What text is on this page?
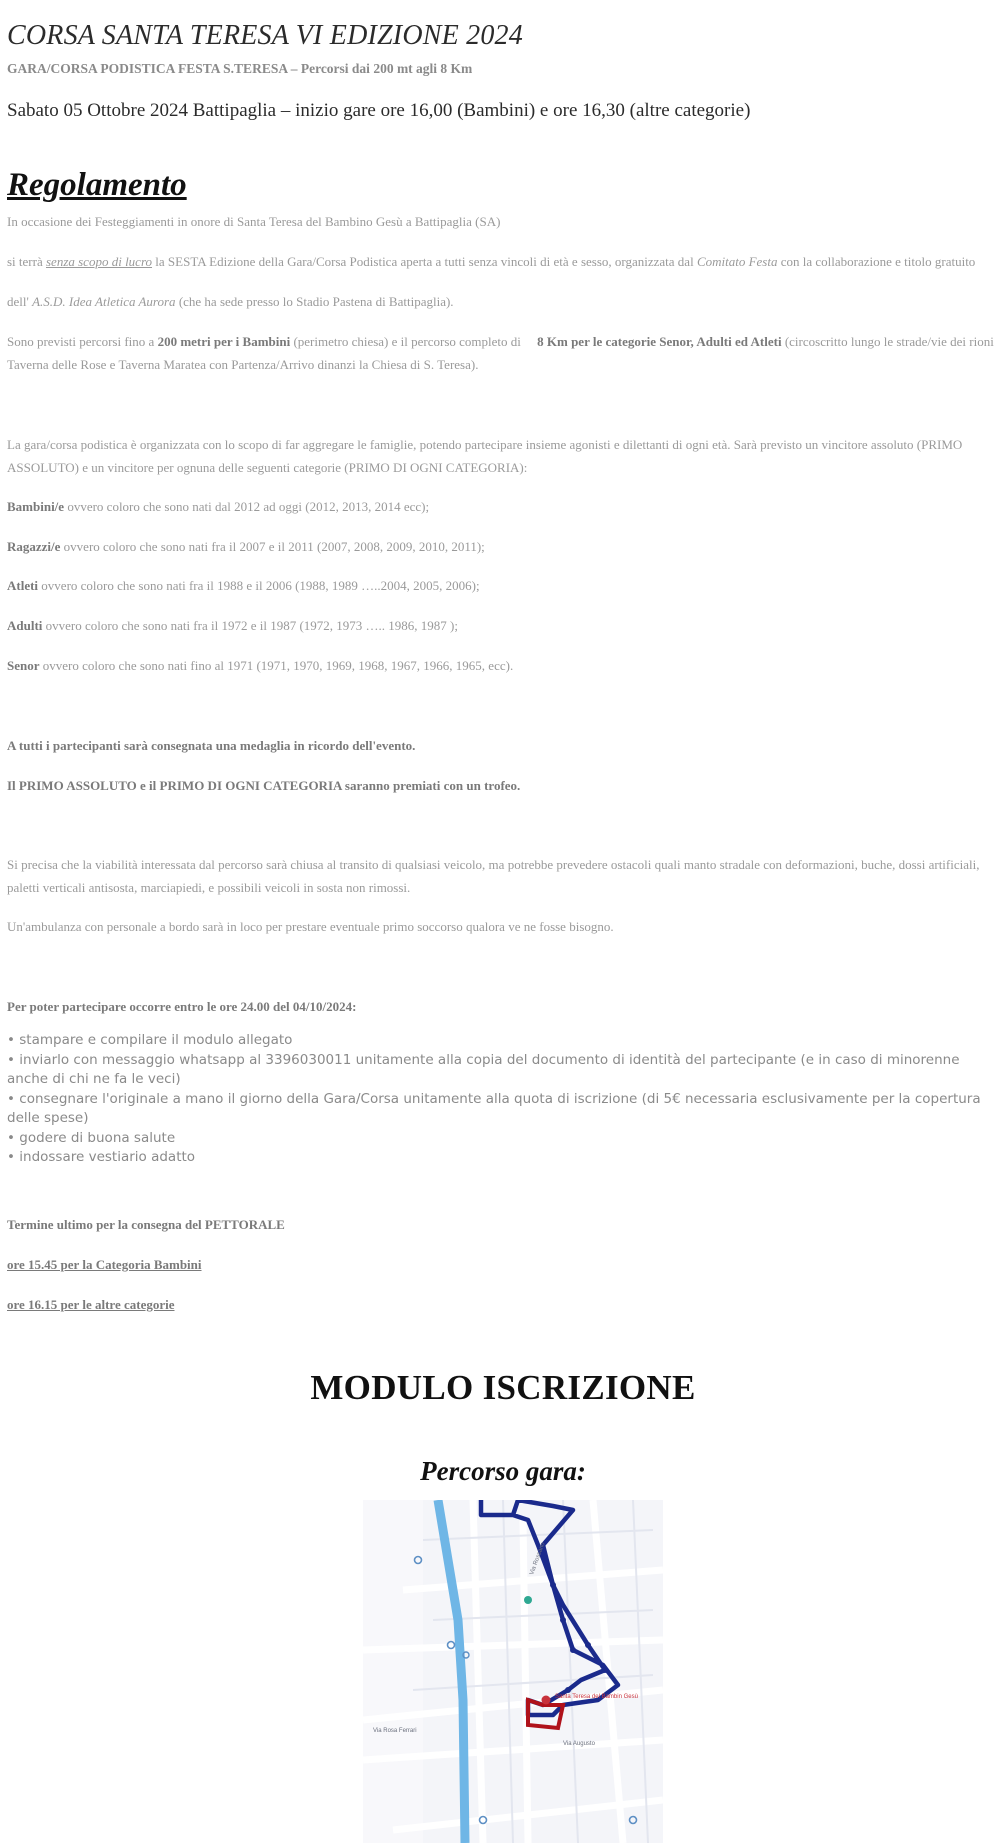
CORSA SANTA TERESA VI EDIZIONE 2024
GARA/CORSA PODISTICA FESTA S.TERESA – Percorsi dai 200 mt agli 8 Km
Sabato 05 Ottobre 2024 Battipaglia – inizio gare ore 16,00 (Bambini) e ore 16,30 (altre categorie)
Regolamento
In occasione dei Festeggiamenti in onore di Santa Teresa del Bambino Gesù a Battipaglia (SA)
si terrà senza scopo di lucro la SESTA Edizione della Gara/Corsa Podistica aperta a tutti senza vincoli di età e sesso, organizzata dal Comitato Festa con la collaborazione e titolo gratuito
dell' A.S.D. Idea Atletica Aurora (che ha sede presso lo Stadio Pastena di Battipaglia).
Sono previsti percorsi fino a 200 metri per i Bambini (perimetro chiesa) e il percorso completo di     8 Km per le categorie Senor, Adulti ed Atleti (circoscritto lungo le strade/vie dei rioni Taverna delle Rose e Taverna Maratea con Partenza/Arrivo dinanzi la Chiesa di S. Teresa).
La gara/corsa podistica è organizzata con lo scopo di far aggregare le famiglie, potendo partecipare insieme agonisti e dilettanti di ogni età. Sarà previsto un vincitore assoluto (PRIMO ASSOLUTO) e un vincitore per ognuna delle seguenti categorie (PRIMO DI OGNI CATEGORIA):
Bambini/e ovvero coloro che sono nati dal 2012 ad oggi (2012, 2013, 2014 ecc);
Ragazzi/e ovvero coloro che sono nati fra il 2007 e il 2011 (2007, 2008, 2009, 2010, 2011);
Atleti ovvero coloro che sono nati fra il 1988 e il 2006 (1988, 1989 …..2004, 2005, 2006);
Adulti ovvero coloro che sono nati fra il 1972 e il 1987 (1972, 1973 ….. 1986, 1987 );
Senor ovvero coloro che sono nati fino al 1971 (1971, 1970, 1969, 1968, 1967, 1966, 1965, ecc).
A tutti i partecipanti sarà consegnata una medaglia in ricordo dell'evento.
Il PRIMO ASSOLUTO e il PRIMO DI OGNI CATEGORIA saranno premiati con un trofeo.
Si precisa che la viabilità interessata dal percorso sarà chiusa al transito di qualsiasi veicolo, ma potrebbe prevedere ostacoli quali manto stradale con deformazioni, buche, dossi artificiali, paletti verticali antisosta, marciapiedi, e possibili veicoli in sosta non rimossi.
Un'ambulanza con personale a bordo sarà in loco per prestare eventuale primo soccorso qualora ve ne fosse bisogno.
Per poter partecipare occorre entro le ore 24.00 del 04/10/2024:
• stampare e compilare il modulo allegato
• inviarlo con messaggio whatsapp al 3396030011 unitamente alla copia del documento di identità del partecipante (e in caso di minorenne anche di chi ne fa le veci)
• consegnare l'originale a mano il giorno della Gara/Corsa unitamente alla quota di iscrizione (di 5€ necessaria esclusivamente per la copertura delle spese)
• godere di buona salute
• indossare vestiario adatto
Termine ultimo per la consegna del PETTORALE
ore 15.45 per la Categoria Bambini
ore 16.15 per le altre categorie
MODULO ISCRIZIONE
Percorso gara:
Santa Teresa del Bambin Gesù
Via Augusto
Via Rosa Ferrari
Via Rossano
